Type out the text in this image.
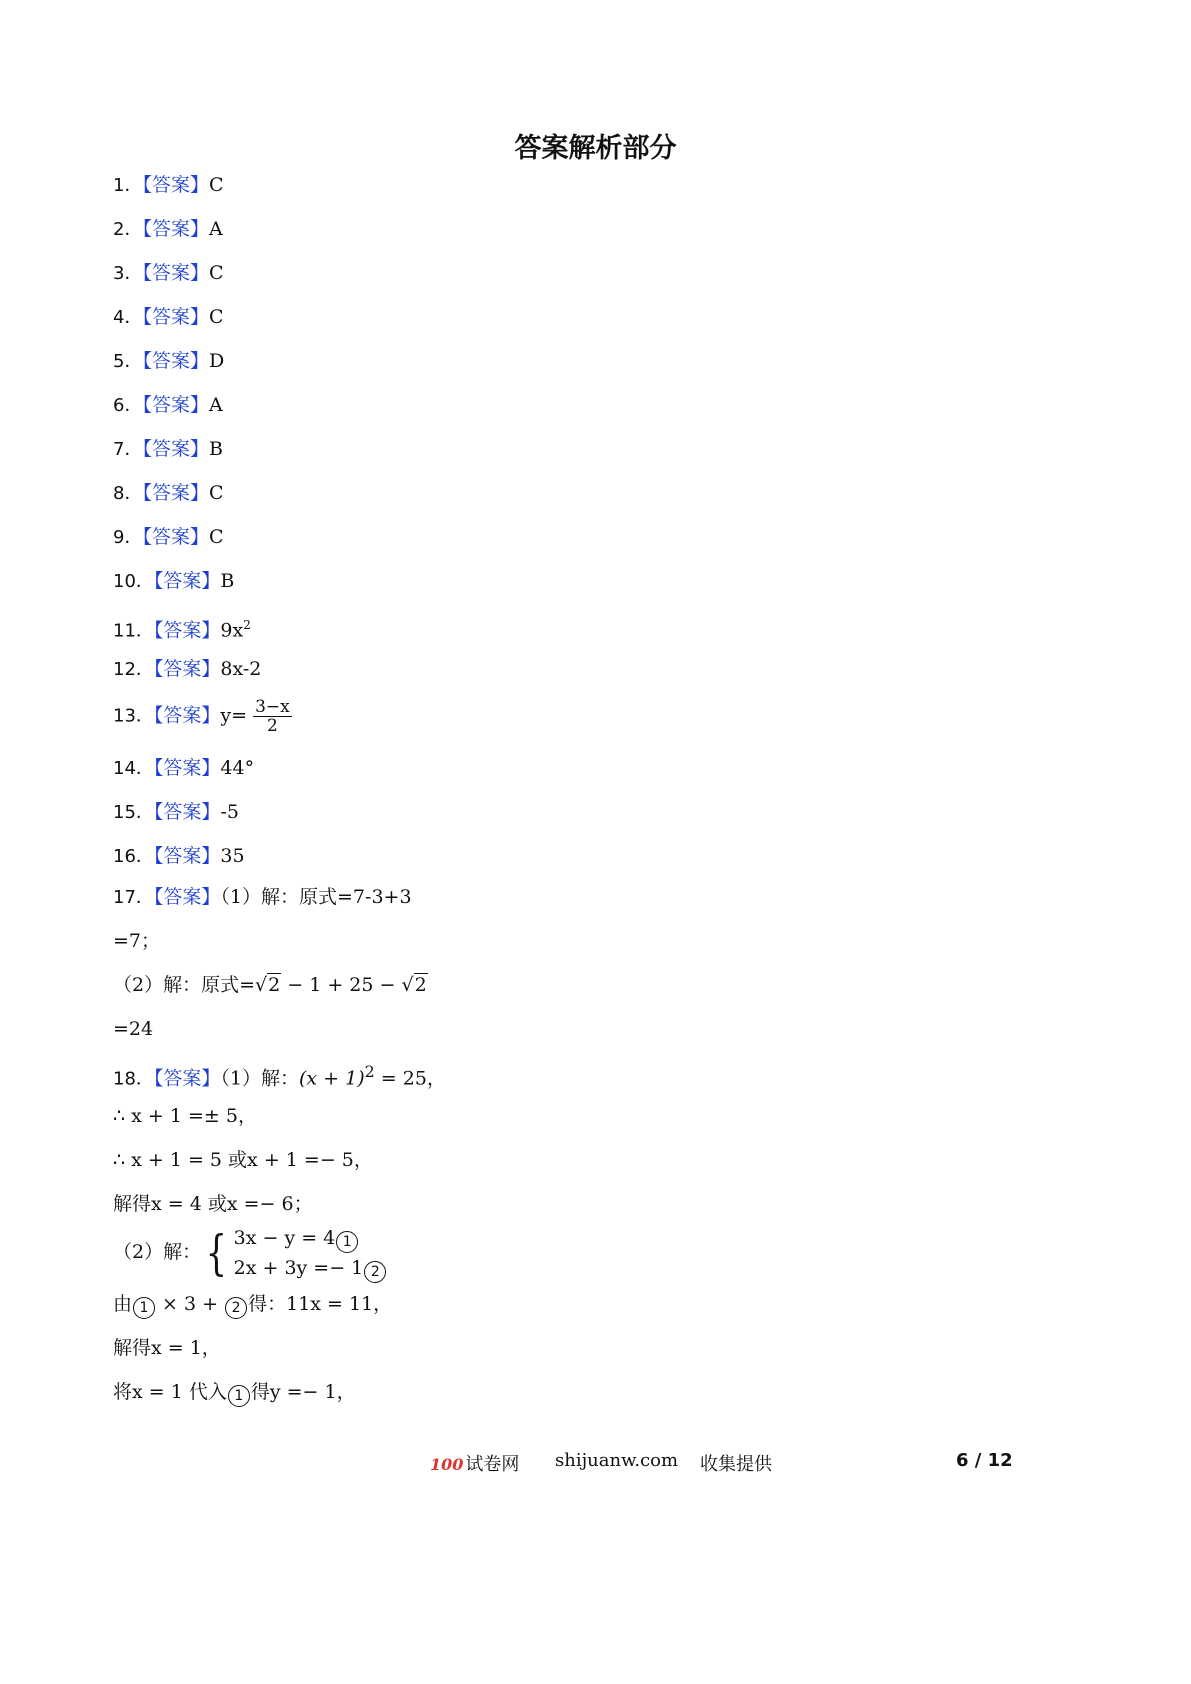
答案解析部分
1．【答案】C
2．【答案】A
3．【答案】C
4．【答案】C
5．【答案】D
6．【答案】A
7．【答案】B
8．【答案】C
9．【答案】C
10．【答案】B
11．【答案】$9x^2$
12．【答案】8x-2
13．【答案】$y= \frac{3-x}{2}$
14．【答案】44°
15．【答案】-5
16．【答案】35
17．【答案】（1）解：原式=7-3+3
=7；
（2）解：原式=√2 − 1 + 25 − √2
=24
18．【答案】（1）解：$(x + 1)^2 = 25$，
∴ x + 1 =± 5，
∴ x + 1 = 5 或x + 1 =− 5，
解得x = 4 或x =− 6；
（2）解： { 3x − y = 4 1
2x + 3y =− 1 2
由 1 × 3 + 2 得：11x = 11，
解得x = 1，
将x = 1 代入 1 得y =− 1，
100 试卷网 shijuanw.com 收集提供	6 / 12
